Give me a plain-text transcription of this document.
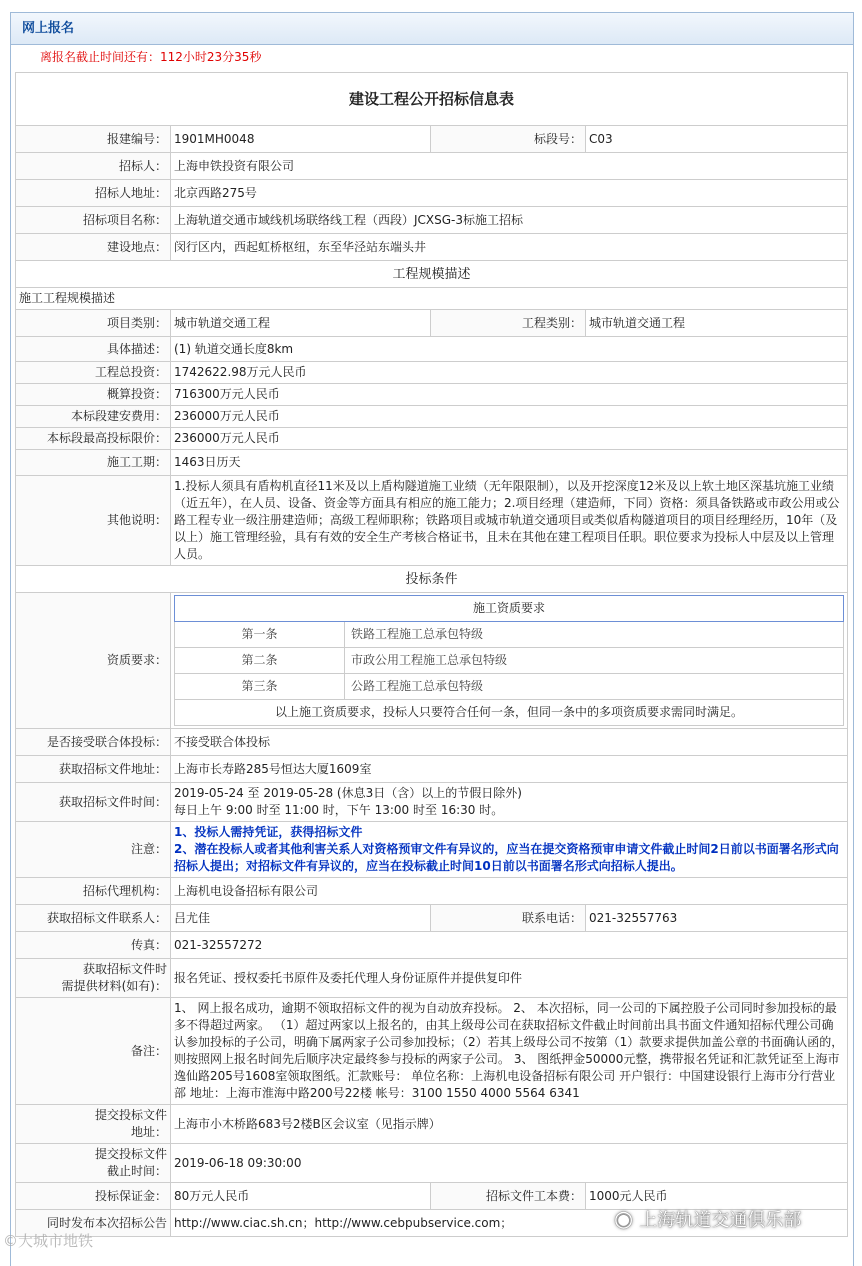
网上报名
离报名截止时间还有：112小时23分35秒
建设工程公开招标信息表
报建编号：	1901MH0048	标段号：	C03
招标人：	上海申铁投资有限公司
招标人地址：	北京西路275号
招标项目名称：	上海轨道交通市域线机场联络线工程（西段）JCXSG-3标施工招标
建设地点：	闵行区内，西起虹桥枢纽，东至华泾站东端头井
工程规模描述
施工工程规模描述
项目类别：	城市轨道交通工程	工程类别：	城市轨道交通工程
具体描述：	(1) 轨道交通长度8km
工程总投资：	1742622.98万元人民币
概算投资：	716300万元人民币
本标段建安费用：	236000万元人民币
本标段最高投标限价：	236000万元人民币
施工工期：	1463日历天
其他说明：	1.投标人须具有盾构机直径11米及以上盾构隧道施工业绩（无年限限制），以及开挖深度12米及以上软土地区深基坑施工业绩（近五年），在人员、设备、资金等方面具有相应的施工能力；2.项目经理（建造师，下同）资格：须具备铁路或市政公用或公路工程专业一级注册建造师；高级工程师职称；铁路项目或城市轨道交通项目或类似盾构隧道项目的项目经理经历，10年（及以上）施工管理经验，具有有效的安全生产考核合格证书，且未在其他在建工程项目任职。职位要求为投标人中层及以上管理人员。
投标条件
资质要求：	
施工资质要求
第一条	铁路工程施工总承包特级
第二条	市政公用工程施工总承包特级
第三条	公路工程施工总承包特级
以上施工资质要求，投标人只要符合任何一条，但同一条中的多项资质要求需同时满足。

是否接受联合体投标：	不接受联合体投标
获取招标文件地址：	上海市长寿路285号恒达大厦1609室
获取招标文件时间：	
2019-05-24 至 2019-05-28 (休息3日（含）以上的节假日除外)
每日上午 9:00 时至 11:00 时，下午 13:00 时至 16:30 时。

注意：	
1、投标人需持凭证，获得招标文件
2、潜在投标人或者其他利害关系人对资格预审文件有异议的，应当在提交资格预审申请文件截止时间2日前以书面署名形式向招标人提出；对招标文件有异议的，应当在投标截止时间10日前以书面署名形式向招标人提出。

招标代理机构：	上海机电设备招标有限公司
获取招标文件联系人：	吕尤佳	联系电话：	021-32557763
传真：	021-32557272

获取招标文件时
需提供材料(如有)：
	报名凭证、授权委托书原件及委托代理人身份证原件并提供复印件
备注：	1、 网上报名成功，逾期不领取招标文件的视为自动放弃投标。 2、 本次招标，同一公司的下属控股子公司同时参加投标的最多不得超过两家。 （1）超过两家以上报名的，由其上级母公司在获取招标文件截止时间前出具书面文件通知招标代理公司确认参加投标的子公司，明确下属两家子公司参加投标；（2）若其上级母公司不按第（1）款要求提供加盖公章的书面确认函的，则按照网上报名时间先后顺序决定最终参与投标的两家子公司。 3、 图纸押金50000元整，携带报名凭证和汇款凭证至上海市逸仙路205号1608室领取图纸。汇款账号： 单位名称：上海机电设备招标有限公司 开户银行：中国建设银行上海市分行营业部 地址：上海市淮海中路200号22楼 帐号：3100 1550 4000 5564 6341

提交投标文件
地址：
	上海市小木桥路683号2楼B区会议室（见指示牌）

提交投标文件
截止时间：
	2019-06-18 09:30:00
投标保证金：	80万元人民币	招标文件工本费：	1000元人民币
同时发布本次招标公告	http://www.ciac.sh.cn；http://www.cebpubservice.com；
©大城市地铁
◉ 上海轨道交通俱乐部
